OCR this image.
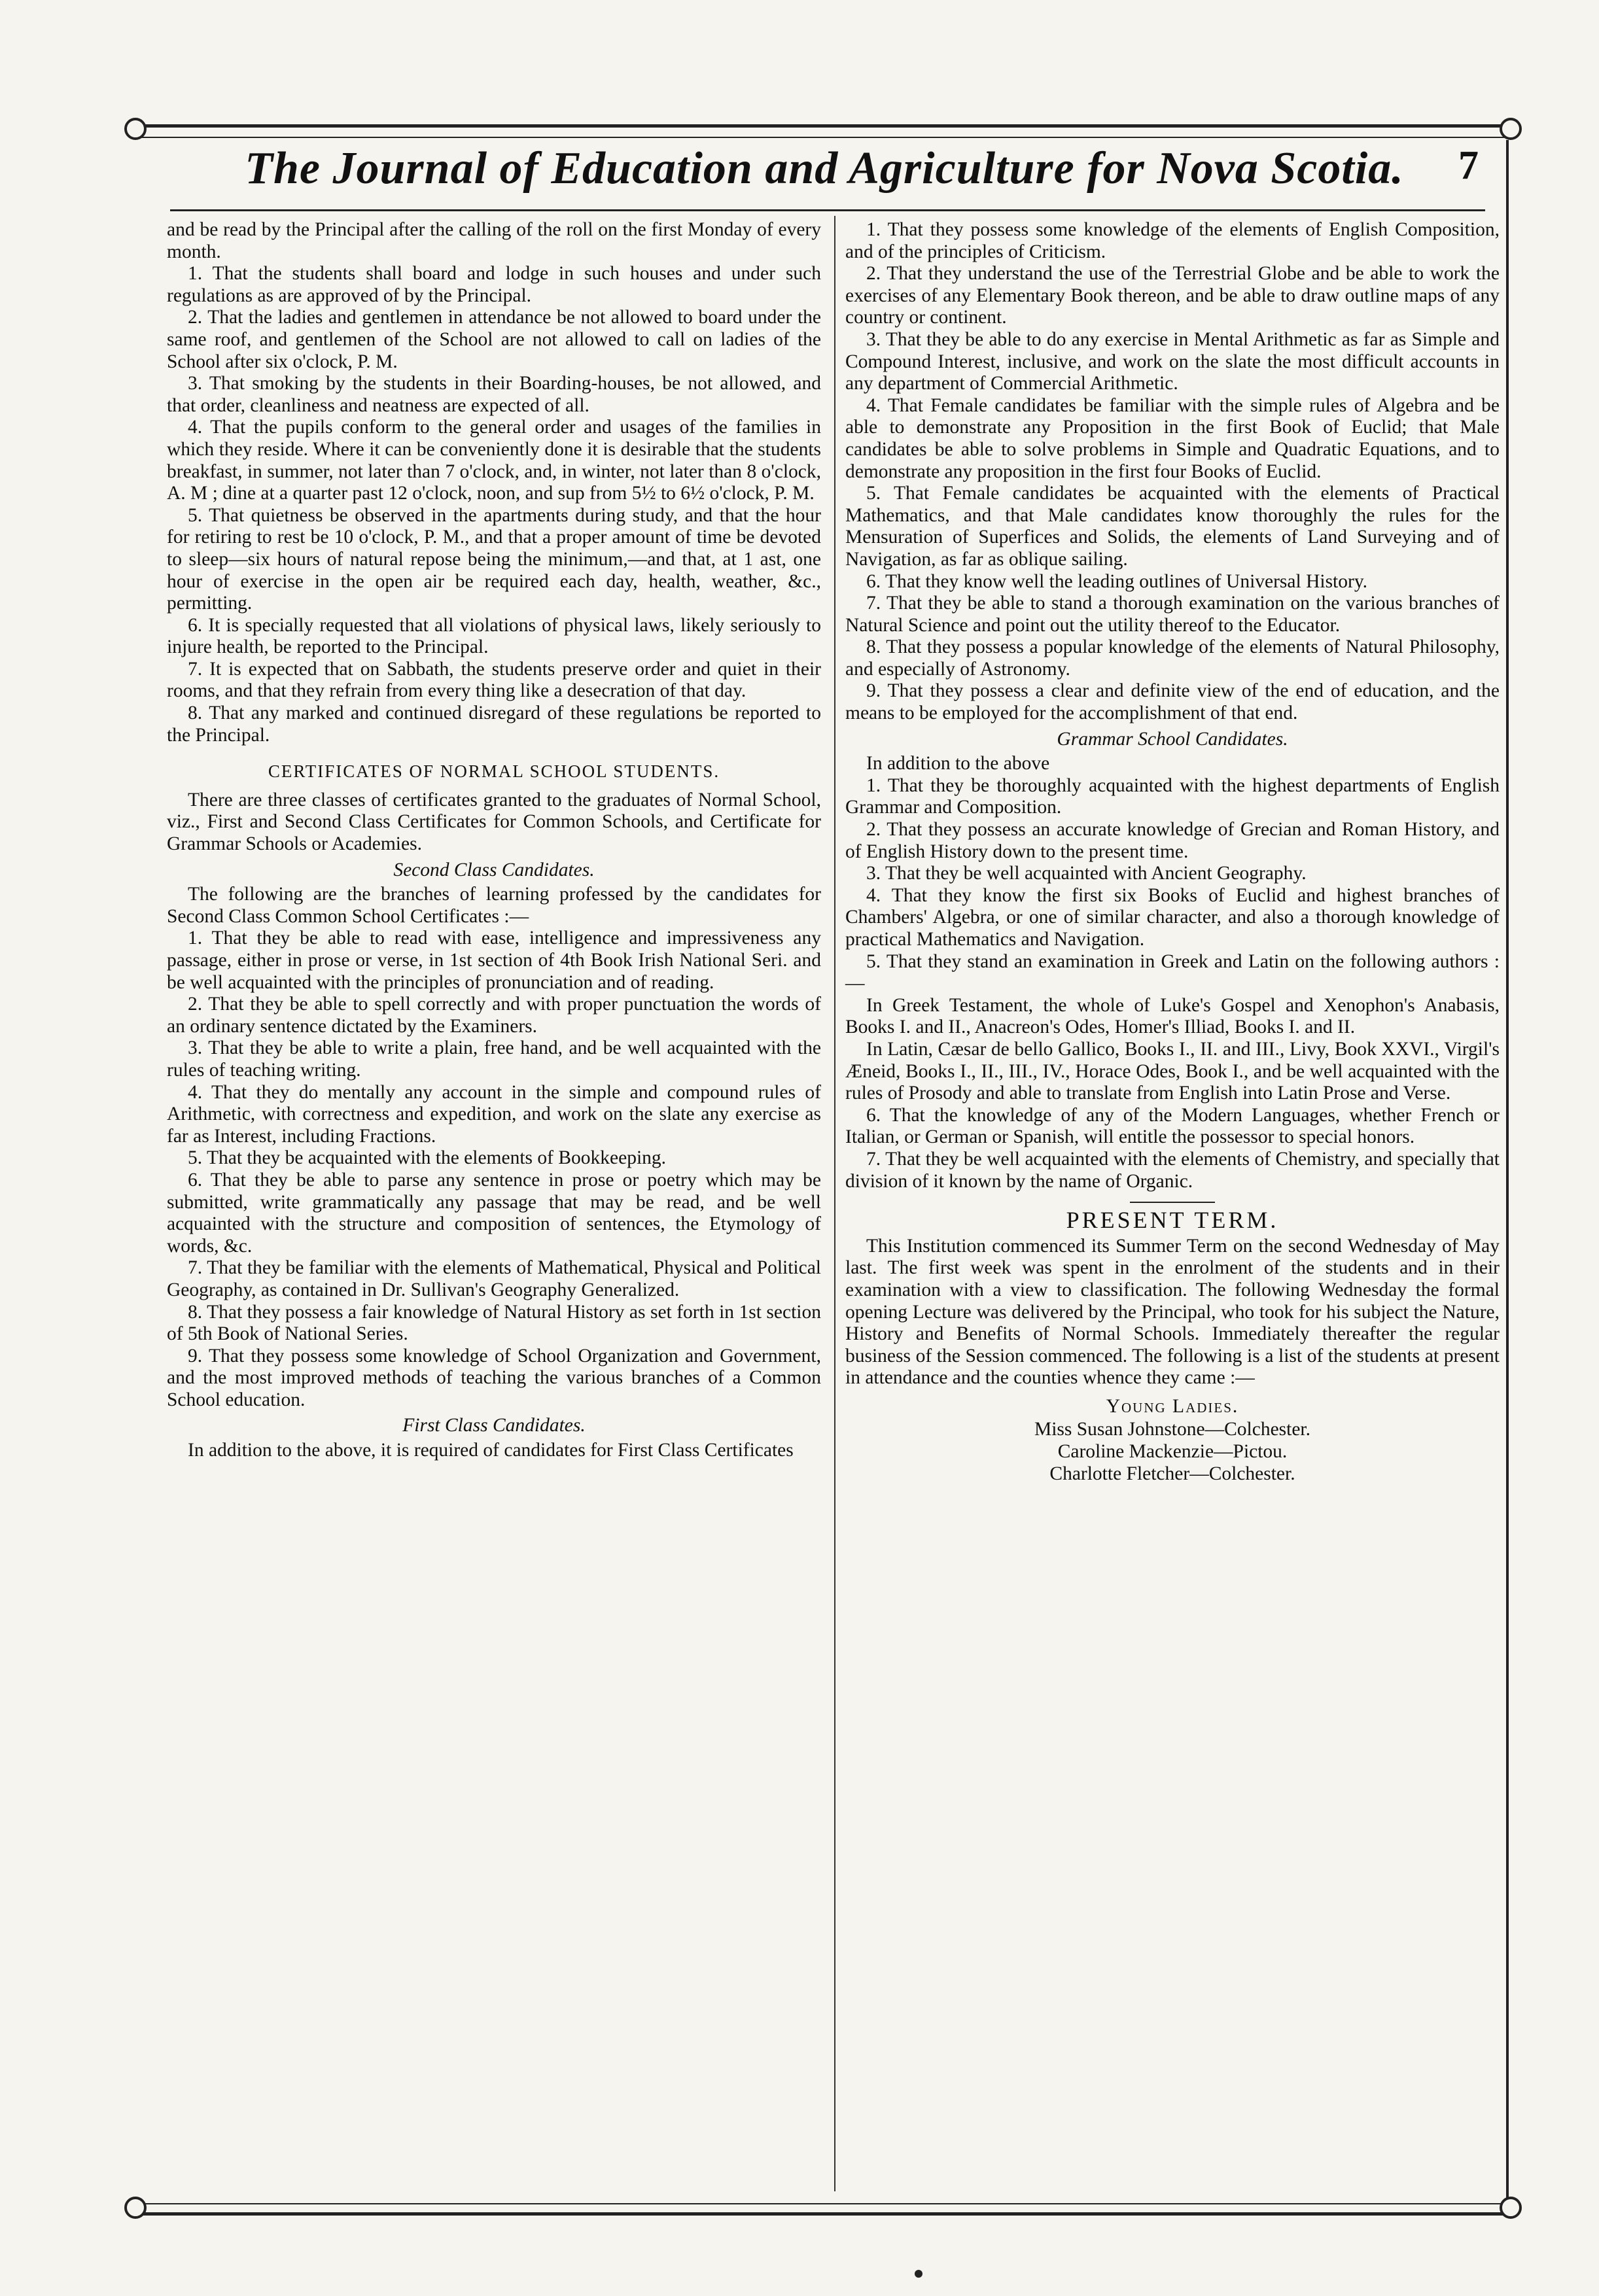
The Journal of Education and Agriculture for Nova Scotia.	7

and be read by the Principal after the calling of the roll on the first Monday of every month.

1. That the students shall board and lodge in such houses and under such regulations as are approved of by the Principal.

2. That the ladies and gentlemen in attendance be not allowed to board under the same roof, and gentlemen of the School are not allowed to call on ladies of the School after six o'clock, P. M.

3. That smoking by the students in their Boarding-houses, be not allowed, and that order, cleanliness and neatness are expected of all.

4. That the pupils conform to the general order and usages of the families in which they reside. Where it can be conveniently done it is desirable that the students breakfast, in summer, not later than 7 o'clock, and, in winter, not later than 8 o'clock, A. M ; dine at a quarter past 12 o'clock, noon, and sup from 5½ to 6½ o'clock, P. M.

5. That quietness be observed in the apartments during study, and that the hour for retiring to rest be 10 o'clock, P. M., and that a proper amount of time be devoted to sleep—six hours of natural repose being the minimum,—and that, at 1 ast, one hour of exercise in the open air be required each day, health, weather, &c., permitting.

6. It is specially requested that all violations of physical laws, likely seriously to injure health, be reported to the Principal.

7. It is expected that on Sabbath, the students preserve order and quiet in their rooms, and that they refrain from every thing like a desecration of that day.

8. That any marked and continued disregard of these regulations be reported to the Principal.

CERTIFICATES OF NORMAL SCHOOL STUDENTS.

There are three classes of certificates granted to the graduates of Normal School, viz., First and Second Class Certificates for Common Schools, and Certificate for Grammar Schools or Academies.

Second Class Candidates.

The following are the branches of learning professed by the candidates for Second Class Common School Certificates :—

1. That they be able to read with ease, intelligence and impressiveness any passage, either in prose or verse, in 1st section of 4th Book Irish National Seri. and be well acquainted with the principles of pronunciation and of reading.

2. That they be able to spell correctly and with proper punctuation the words of an ordinary sentence dictated by the Examiners.

3. That they be able to write a plain, free hand, and be well acquainted with the rules of teaching writing.

4. That they do mentally any account in the simple and compound rules of Arithmetic, with correctness and expedition, and work on the slate any exercise as far as Interest, including Fractions.

5. That they be acquainted with the elements of Bookkeeping.

6. That they be able to parse any sentence in prose or poetry which may be submitted, write grammatically any passage that may be read, and be well acquainted with the structure and composition of sentences, the Etymology of words, &c.

7. That they be familiar with the elements of Mathematical, Physical and Political Geography, as contained in Dr. Sullivan's Geography Generalized.

8. That they possess a fair knowledge of Natural History as set forth in 1st section of 5th Book of National Series.

9. That they possess some knowledge of School Organization and Government, and the most improved methods of teaching the various branches of a Common School education.

First Class Candidates.

In addition to the above, it is required of candidates for First Class Certificates

1. That they possess some knowledge of the elements of English Composition, and of the principles of Criticism.

2. That they understand the use of the Terrestrial Globe and be able to work the exercises of any Elementary Book thereon, and be able to draw outline maps of any country or continent.

3. That they be able to do any exercise in Mental Arithmetic as far as Simple and Compound Interest, inclusive, and work on the slate the most difficult accounts in any department of Commercial Arithmetic.

4. That Female candidates be familiar with the simple rules of Algebra and be able to demonstrate any Proposition in the first Book of Euclid; that Male candidates be able to solve problems in Simple and Quadratic Equations, and to demonstrate any proposition in the first four Books of Euclid.

5. That Female candidates be acquainted with the elements of Practical Mathematics, and that Male candidates know thoroughly the rules for the Mensuration of Superfices and Solids, the elements of Land Surveying and of Navigation, as far as oblique sailing.

6. That they know well the leading outlines of Universal History.

7. That they be able to stand a thorough examination on the various branches of Natural Science and point out the utility thereof to the Educator.

8. That they possess a popular knowledge of the elements of Natural Philosophy, and especially of Astronomy.

9. That they possess a clear and definite view of the end of education, and the means to be employed for the accomplishment of that end.

Grammar School Candidates.

In addition to the above

1. That they be thoroughly acquainted with the highest departments of English Grammar and Composition.

2. That they possess an accurate knowledge of Grecian and Roman History, and of English History down to the present time.

3. That they be well acquainted with Ancient Geography.

4. That they know the first six Books of Euclid and highest branches of Chambers' Algebra, or one of similar character, and also a thorough knowledge of practical Mathematics and Navigation.

5. That they stand an examination in Greek and Latin on the following authors :—

In Greek Testament, the whole of Luke's Gospel and Xenophon's Anabasis, Books I. and II., Anacreon's Odes, Homer's Illiad, Books I. and II.

In Latin, Cæsar de bello Gallico, Books I., II. and III., Livy, Book XXVI., Virgil's Æneid, Books I., II., III., IV., Horace Odes, Book I., and be well acquainted with the rules of Prosody and able to translate from English into Latin Prose and Verse.

6. That the knowledge of any of the Modern Languages, whether French or Italian, or German or Spanish, will entitle the possessor to special honors.

7. That they be well acquainted with the elements of Chemistry, and specially that division of it known by the name of Organic.

PRESENT TERM.

This Institution commenced its Summer Term on the second Wednesday of May last. The first week was spent in the enrolment of the students and in their examination with a view to classification. The following Wednesday the formal opening Lecture was delivered by the Principal, who took for his subject the Nature, History and Benefits of Normal Schools. Immediately thereafter the regular business of the Session commenced. The following is a list of the students at present in attendance and the counties whence they came :—

Young Ladies.
Miss Susan Johnstone—Colchester.
Caroline Mackenzie—Pictou.
Charlotte Fletcher—Colchester.
